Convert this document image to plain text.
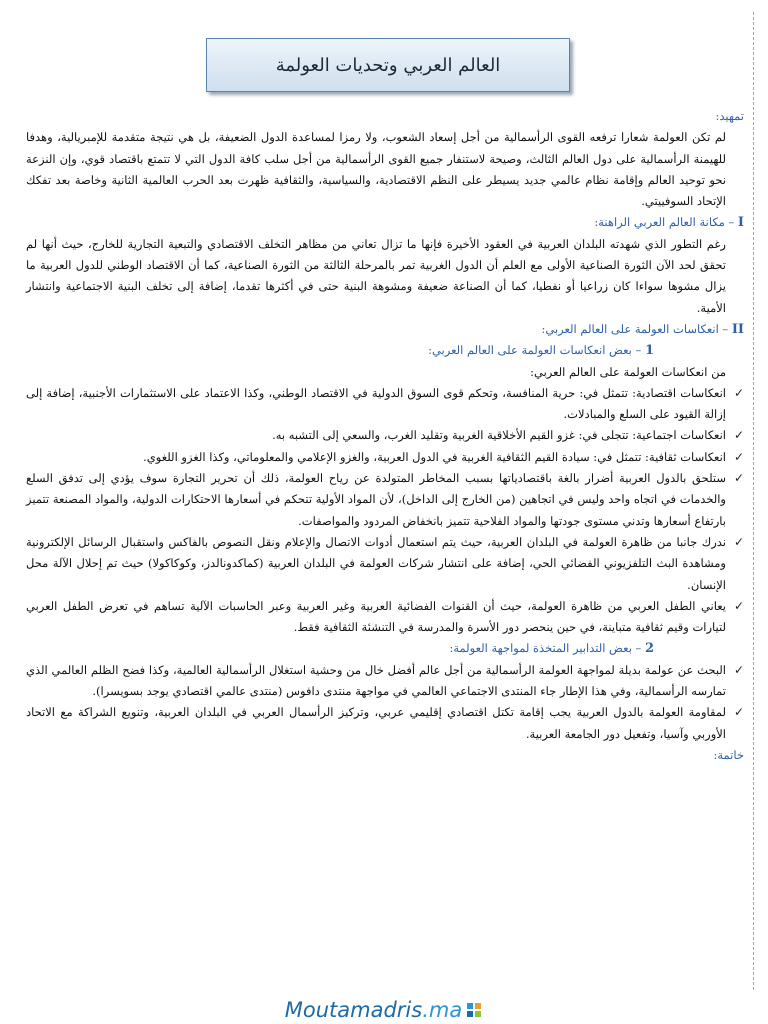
العالم العربي وتحديات العولمة

تمهيد:

لم تكن العولمة شعارا ترفعه القوى الرأسمالية من أجل إسعاد الشعوب، ولا رمزا لمساعدة الدول الضعيفة، بل هي نتيجة متقدمة للإمبريالية، وهدفا للهيمنة الرأسمالية على دول العالم الثالث، وصيحة لاستنفار جميع القوى الرأسمالية من أجل سلب كافة الدول التي لا تتمتع باقتصاد قوي، وإن النزعة نحو توحيد العالم وإقامة نظام عالمي جديد يسيطر على النظم الاقتصادية، والسياسية، والثقافية ظهرت بعد الحرب العالمية الثانية وخاصة بعد تفكك الإتحاد السوفييتي.

I – مكانة العالم العربي الراهنة:

رغم التطور الذي شهدته البلدان العربية في العقود الأخيرة فإنها ما تزال تعاني من مظاهر التخلف الاقتصادي والتبعية التجارية للخارج، حيث أنها لم تحقق لحد الآن الثورة الصناعية الأولى مع العلم أن الدول الغربية تمر بالمرحلة الثالثة من الثورة الصناعية، كما أن الاقتصاد الوطني للدول العربية ما يزال مشوها سواءا كان زراعيا أو نفطيا، كما أن الصناعة ضعيفة ومشوهة البنية حتى في أكثرها تقدما، إضافة إلى تخلف البنية الاجتماعية وانتشار الأمية.

II – انعكاسات العولمة على العالم العربي:

1 – بعض انعكاسات العولمة على العالم العربي:

من انعكاسات العولمة على العالم العربي:

✓
انعكاسات اقتصادية: تتمثل في: حرية المنافسة، وتحكم قوى السوق الدولية في الاقتصاد الوطني، وكذا الاعتماد على الاستثمارات الأجنبية، إضافة إلى إزالة القيود على السلع والمبادلات.
✓
انعكاسات اجتماعية: تتجلى في: غزو القيم الأخلاقية الغربية وتقليد الغرب، والسعي إلى التشبه به.
✓
انعكاسات ثقافية: تتمثل في: سيادة القيم الثقافية الغربية في الدول العربية، والغزو الإعلامي والمعلوماتي، وكذا الغزو اللغوي.
✓
ستلحق بالدول العربية أضرار بالغة باقتصادياتها بسبب المخاطر المتولدة عن رياح العولمة، ذلك أن تحرير التجارة سوف يؤدي إلى تدفق السلع والخدمات في اتجاه واحد وليس في اتجاهين (من الخارج إلى الداخل)، لأن المواد الأولية تتحكم في أسعارها الاحتكارات الدولية، والمواد المصنعة تتميز بارتفاع أسعارها وتدني مستوى جودتها والمواد الفلاحية تتميز بانخفاض المردود والمواصفات.
✓
ندرك جانبا من ظاهرة العولمة في البلدان العربية، حيث يتم استعمال أدوات الاتصال والإعلام ونقل النصوص بالفاكس واستقبال الرسائل الإلكترونية ومشاهدة البث التلفزيوني الفضائي الحي، إضافة على انتشار شركات العولمة في البلدان العربية (كماكدونالدز، وكوكاكولا) حيث تم إحلال الآلة محل الإنسان.
✓
يعاني الطفل العربي من ظاهرة العولمة، حيث أن القنوات الفضائية العربية وغير العربية وعبر الحاسبات الآلية تساهم في تعرض الطفل العربي لتيارات وقيم ثقافية متباينة، في حين ينحصر دور الأسرة والمدرسة في التنشئة الثقافية فقط.

2 – بعض التدابير المتخذة لمواجهة العولمة:

✓
البحث عن عولمة بديلة لمواجهة العولمة الرأسمالية من أجل عالم أفضل خال من وحشية استغلال الرأسمالية العالمية، وكذا فضح الظلم العالمي الذي تمارسه الرأسمالية، وفي هذا الإطار جاء المنتدى الاجتماعي العالمي في مواجهة منتدى دافوس (منتدى عالمي اقتصادي يوجد بسويسرا).
✓
لمقاومة العولمة بالدول العربية يجب إقامة تكتل اقتصادي إقليمي عربي، وتركيز الرأسمال العربي في البلدان العربية، وتنويع الشراكة مع الاتحاد الأوربي وآسيا، وتفعيل دور الجامعة العربية.

خاتمة:

Moutamadris.ma
